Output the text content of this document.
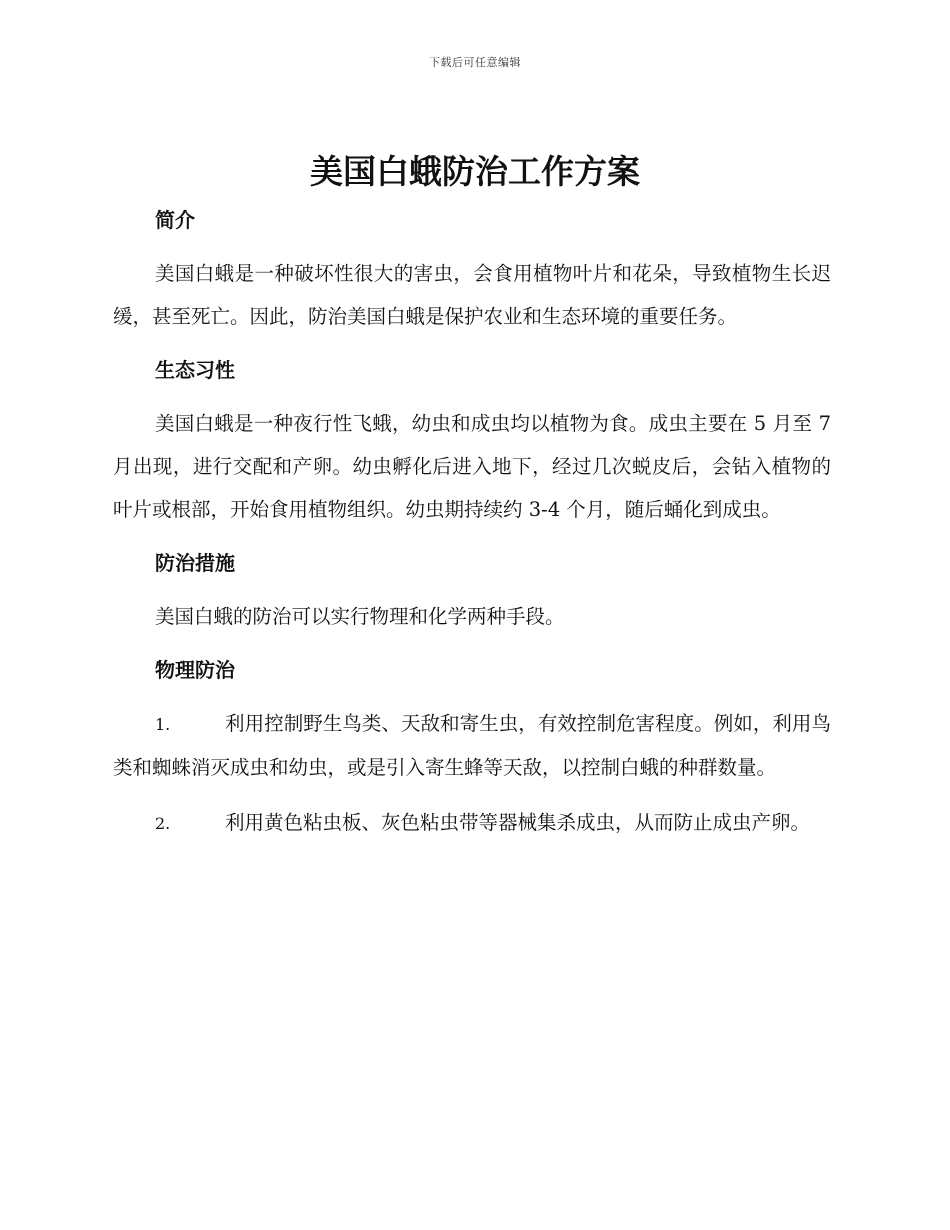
下载后可任意编辑
美国白蛾防治工作方案
简介

美国白蛾是一种破坏性很大的害虫，会食用植物叶片和花朵，导致植物生长迟缓，甚至死亡。因此，防治美国白蛾是保护农业和生态环境的重要任务。

生态习性

美国白蛾是一种夜行性飞蛾，幼虫和成虫均以植物为食。成虫主要在 5 月至 7 月出现，进行交配和产卵。幼虫孵化后进入地下，经过几次蜕皮后，会钻入植物的叶片或根部，开始食用植物组织。幼虫期持续约 3-4 个月，随后蛹化到成虫。

防治措施

美国白蛾的防治可以实行物理和化学两种手段。

物理防治

1.	利用控制野生鸟类、天敌和寄生虫，有效控制危害程度。例如，利用鸟类和蜘蛛消灭成虫和幼虫，或是引入寄生蜂等天敌，以控制白蛾的种群数量。

2.	利用黄色粘虫板、灰色粘虫带等器械集杀成虫，从而防止成虫产卵。
